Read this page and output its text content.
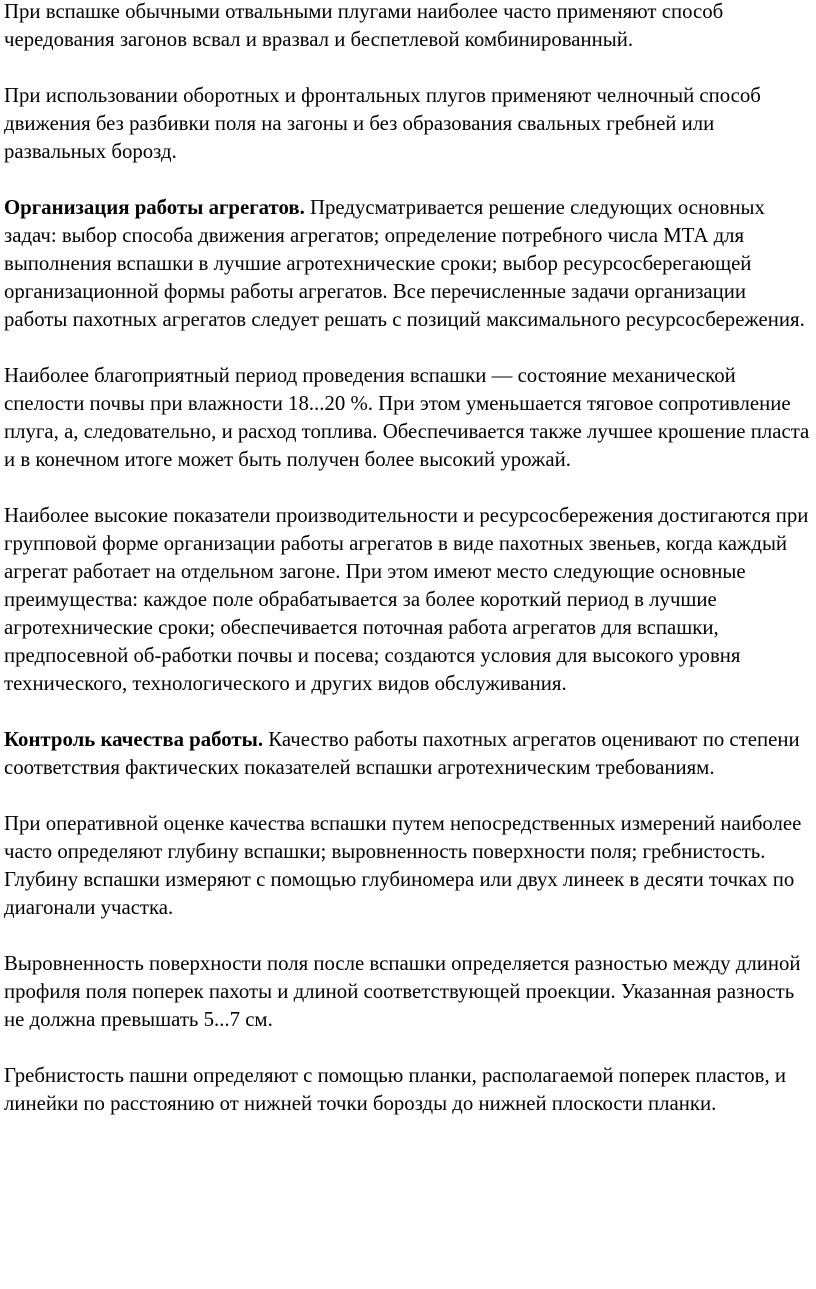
При вспашке обычными отвальными плугами наиболее часто применяют способ чередования загонов всвал и вразвал и беспетлевой комбинированный.

При использовании оборотных и фронтальных плугов применяют челночный способ движения без разбивки поля на загоны и без образования свальных гребней или развальных борозд.

Организация работы агрегатов. Предусматривается решение следующих основных задач: выбор способа движения агрегатов; определение потребного числа МТА для выполнения вспашки в лучшие агротехнические сроки; выбор ресурсосберегающей организационной формы работы агрегатов. Все перечисленные задачи организации работы пахотных агрегатов следует решать с позиций максимального ресурсосбережения.

Наиболее благоприятный период проведения вспашки — состояние механической спелости почвы при влажности 18...20 %. При этом уменьшается тяговое сопротивление плуга, а, следовательно, и расход топлива. Обеспечивается также лучшее крошение пласта и в конечном итоге может быть получен более высокий урожай.

Наиболее высокие показатели производительности и ресурсосбережения достигаются при групповой форме организации работы агрегатов в виде пахотных звеньев, когда каждый агрегат работает на отдельном загоне. При этом имеют место следующие основные преимущества: каждое поле обрабатывается за более короткий период в лучшие агротехнические сроки; обеспечивается поточная работа агрегатов для вспашки, предпосевной об-работки почвы и посева; создаются условия для высокого уровня технического, технологического и других видов обслуживания.

Контроль качества работы. Качество работы пахотных агрегатов оценивают по степени соответствия фактических показателей вспашки агротехническим требованиям.

При оперативной оценке качества вспашки путем непосредственных измерений наиболее часто определяют глубину вспашки; выровненность поверхности поля; гребнистость. Глубину вспашки измеряют с помощью глубиномера или двух линеек в десяти точках по диагонали участка.

Выровненность поверхности поля после вспашки определяется разностью между длиной профиля поля поперек пахоты и длиной соответствующей проекции. Указанная разность не должна превышать 5...7 см.

Гребнистость пашни определяют с помощью планки, располагаемой поперек пластов, и линейки по расстоянию от нижней точки борозды до нижней плоскости планки.
